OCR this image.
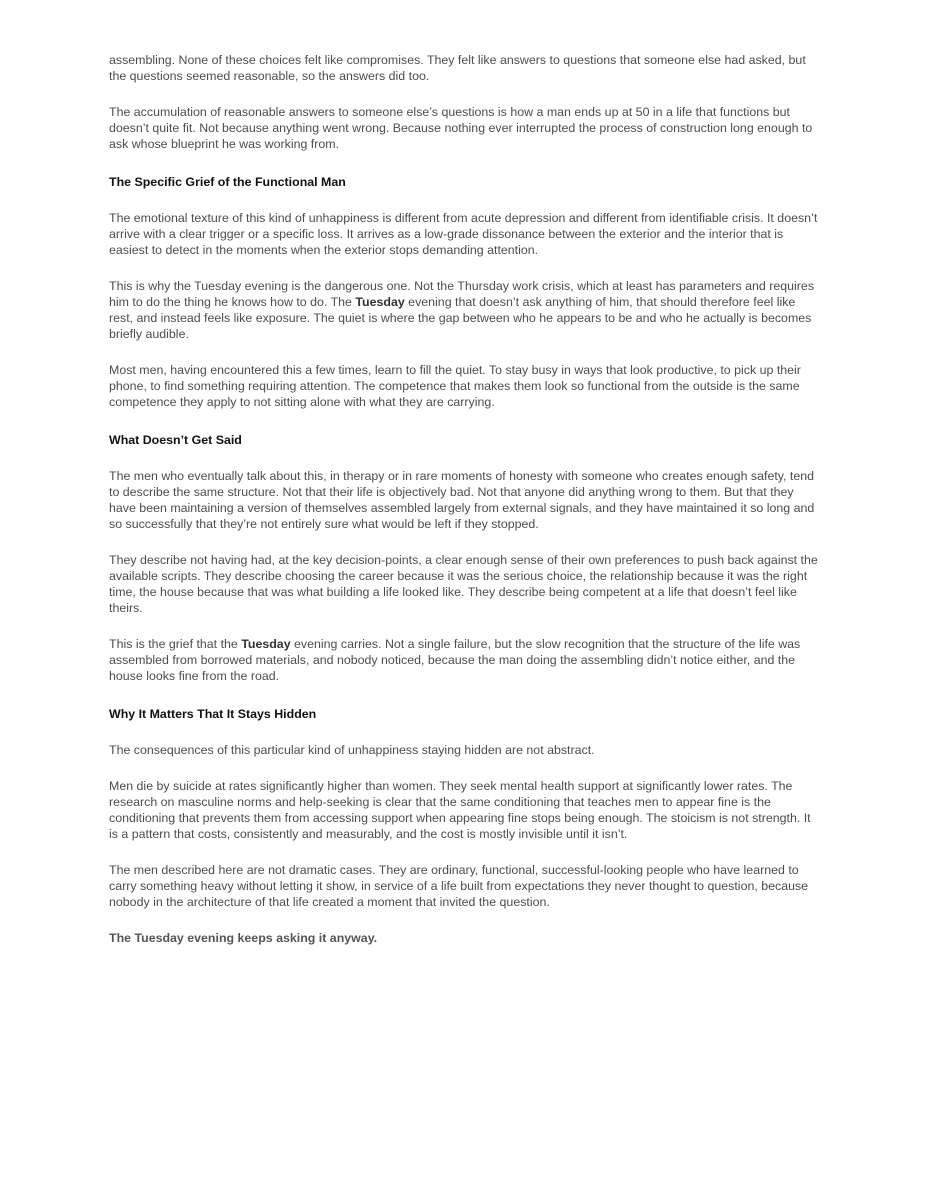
assembling. None of these choices felt like compromises. They felt like answers to questions that someone else had asked, but the questions seemed reasonable, so the answers did too.

The accumulation of reasonable answers to someone else’s questions is how a man ends up at 50 in a life that functions but doesn’t quite fit. Not because anything went wrong. Because nothing ever interrupted the process of construction long enough to ask whose blueprint he was working from.

The Specific Grief of the Functional Man

The emotional texture of this kind of unhappiness is different from acute depression and different from identifiable crisis. It doesn’t arrive with a clear trigger or a specific loss. It arrives as a low-grade dissonance between the exterior and the interior that is easiest to detect in the moments when the exterior stops demanding attention.

This is why the Tuesday evening is the dangerous one. Not the Thursday work crisis, which at least has parameters and requires him to do the thing he knows how to do. The Tuesday evening that doesn’t ask anything of him, that should therefore feel like rest, and instead feels like exposure. The quiet is where the gap between who he appears to be and who he actually is becomes briefly audible.

Most men, having encountered this a few times, learn to fill the quiet. To stay busy in ways that look productive, to pick up their phone, to find something requiring attention. The competence that makes them look so functional from the outside is the same competence they apply to not sitting alone with what they are carrying.

What Doesn’t Get Said

The men who eventually talk about this, in therapy or in rare moments of honesty with someone who creates enough safety, tend to describe the same structure. Not that their life is objectively bad. Not that anyone did anything wrong to them. But that they have been maintaining a version of themselves assembled largely from external signals, and they have maintained it so long and so successfully that they’re not entirely sure what would be left if they stopped.

They describe not having had, at the key decision-points, a clear enough sense of their own preferences to push back against the available scripts. They describe choosing the career because it was the serious choice, the relationship because it was the right time, the house because that was what building a life looked like. They describe being competent at a life that doesn’t feel like theirs.

This is the grief that the Tuesday evening carries. Not a single failure, but the slow recognition that the structure of the life was assembled from borrowed materials, and nobody noticed, because the man doing the assembling didn’t notice either, and the house looks fine from the road.

Why It Matters That It Stays Hidden

The consequences of this particular kind of unhappiness staying hidden are not abstract.

Men die by suicide at rates significantly higher than women. They seek mental health support at significantly lower rates. The research on masculine norms and help-seeking is clear that the same conditioning that teaches men to appear fine is the conditioning that prevents them from accessing support when appearing fine stops being enough. The stoicism is not strength. It is a pattern that costs, consistently and measurably, and the cost is mostly invisible until it isn’t.

The men described here are not dramatic cases. They are ordinary, functional, successful-looking people who have learned to carry something heavy without letting it show, in service of a life built from expectations they never thought to question, because nobody in the architecture of that life created a moment that invited the question.

The Tuesday evening keeps asking it anyway.
